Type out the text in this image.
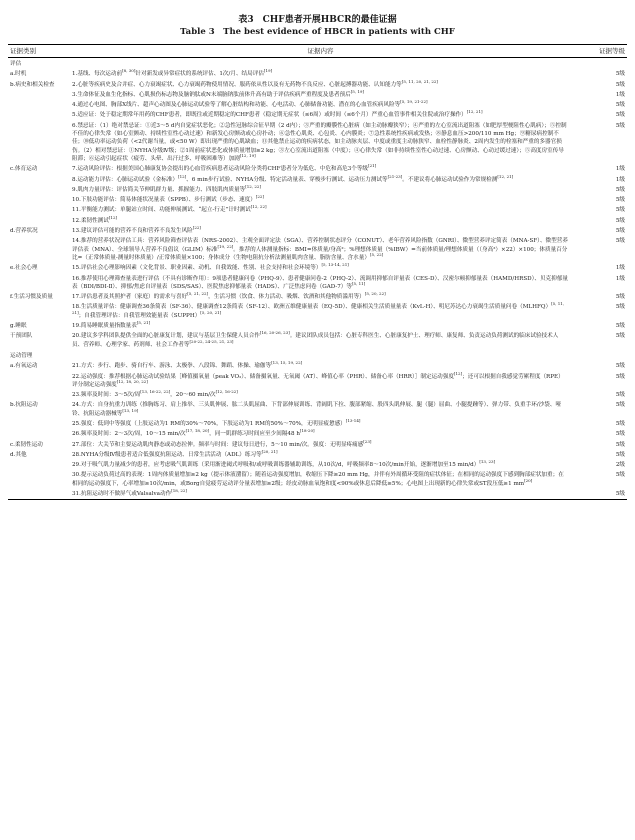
表3　CHF患者开展HBCR的最佳证据
Table 3　The best evidence of HBCR in patients with CHF
证据类别	证据内容	证据等级
评估		
a.时机	1.基线、每次运动前[8, 30]针对新发或异常症状的系统评估、1次/月、结局评估[19]	5级
b.病史和相关检查	2.心脏等疾病史及合并症、心力衰竭症状、心力衰竭药物使用情况、服药依从性以及有无药物不良反应、心脏起搏器功能、认知能力等[5, 11, 20, 21, 22]	5级
	3.生命体征及血生化指标、心肌损伤标志物及脑钠肽或N末端脑钠肽前体升高有助于评估疾病严重程度及患者预后[5, 19]	1级
	4.通过心电图、胸部X线片、超声心动图及心肺运动试验等了解心脏结构和功能、心电活动、心肺储备功能、潜在的心血管疾病风险等[5, 19, 21-22]	5级
	5.适应证：处于稳定期常年用药的CHF患者，即既往或近期稳定的CHF患者（稳定期无症状（≤6周）或时间（≤6个月）严重心血管事件相关住院或治疗操作）[12, 21]	5级
	6.禁忌证：（1）绝对禁忌证：①近3～5 d内自觉症状恶化；②急性冠脉综合征早期（2 d内）；③严重的瓣膜性心脏病（如主动脉瓣狭窄）；④严重的左心室流出道阻塞（如肥厚型梗阻性心肌病）；⑤控制不佳的心律失常（如心室颤动、持续性室性心动过速）和新发心房颤动或心房扑动；⑥急性心肌炎、心包炎、心内膜炎；⑦急性系统性疾病或发热；⑧静息血压>200/110 mm Hg；⑨糖尿病控制不佳；⑩低功率运动负荷（<2代谢当量，或<50 W）即出现严重的心肌缺血；⑪其他禁止运动的疾病状态，如主动脉夹层、中度或重度主动脉狭窄、血栓性静脉炎、2周内发生的栓塞和严重的多器官损伤。（2）相对禁忌证：①NYHA分级Ⅳ级；②1周前症状恶化或体质量增加≥2 kg；③左心室流出道阻塞（中度）；④心律失常（如非持续性室性心动过速、心房颤动、心动过缓过速）；⑤高度房室传导阻滞；⑥运动引起症状（疲劳、头晕、出汗过多、呼吸困难等）加剧[12, 19]	5级
c.体育运动	7.运动风险评估：根据美国心肺康复协会提出的心血管疾病患者运动风险分类将CHF患者分为低危、中危和高危3个等级[21]	1级
	8.运动能力评估：心肺运动试验（金标准）[12]、6 min步行试验、NYHA分级、特定活动量表、穿梭步行测试、运动压力测试等[21-23]。不建议将心肺运动试验作为常规检测[12, 21]	1级
	9.肌肉力量评估：评估简关节伸肌群力量、抓握能力、四肢肌肉质量等[12, 22]	5级
	10.下肢功能评估：简易体能状况量表（SPPB）、步行测试（步态、速度）[22]	5级
	11.平衡能力测试：单腿站立时间、功能伸展测试、“起立-行走”计时测试[12, 22]	5级
	12.柔韧性测试[12]	5级
d.营养状况	13.建议评估可能的营养不良和营养不良发生风险[22]	5级
	14.推荐的营养状况评估工具：营养风险筛查评估表（NRS-2002）、主观全面评定法（SGA）、营养控制状态评分（CONUT）、老年营养风险指数（GNRI）、微型营养评定简表（MNA-SF）、微型营养评估表（MNA）、全球领导人营养不良倡议（GLIM）标准[19, 22]。推荐的人体测量指标：BMI=体质量/身高²；%理想体质量（%IBW）=当前体质量/理想体质量（（身高²）×22）×100；体质量百分比=（正常体质量-测量时体质量）/正常体质量×100；身体成分（生物电阻抗分析法测量肌肉含量、脂肪含量、含水量）[5, 22]	5级
e.社会心理	15.评估社会心理影响因素（文化背景、职业因素、动机、自我效能、性别、社会支持和社会环境等）[5, 13-14, 21]	1级
	16.推荐使用心理筛查量表进行评估（不具有诊断作用）：9项患者健康问卷（PHQ-9）、患者健康问卷-2（PHQ-2）、流调用抑郁自评量表（CES-D）、汉密尔顿抑郁量表（HAMD/HRSD）、贝克抑郁量表（BDI/BDI-Ⅱ）、抑郁/焦虑自评量表（SDS/SAS）、医院焦虑抑郁量表（HADS）、广泛焦虑问卷（GAD-7）等[5, 11]	1级
f.生活习惯及质量	17.评估患者及其照护者（家庭）的需求与喜好[5, 21, 22]，生活习惯（饮食、体力活动、吸烟、饮酒和其他物质滥用等）[5, 20, 22]	5级
	18.生活质量评估：健康调查36条简表（SF-36）、健康调查12条简表（SF-12）、欧洲五维健康量表（EQ-5D）、健康相关生活质量量表（KvL-H）、明尼苏达心力衰竭生活质量问卷（MLHFQ）[5, 11, 21]；自我管理评估：自我管理效能量表（SUPPH）[5, 20, 21]	5级
g.睡眠	19.简易睡眠质量指数量表[5, 21]	5级
干预团队	20.建议多学科团队提供全面的心脏康复计划，建议与基层卫生保健人员合作[16, 20-26, 23]。建议团队成员包括：心脏专科医生、心脏康复护士、理疗师、康复师、负责运动负荷测试的临床试验技术人员、营养师、心理学家、药剂师、社会工作者等[20-22, 24-25, 21, 23]	5级
运动管理		
a.有氧运动	21.方式：步行、跑步、骑自行车、游泳、太极拳、八段锦、舞蹈、体操、瑜伽等[13, 15, 19, 22]	5级
	22.运动强度：推荐根据心肺运动试验结果［峰值摄氧量（peak VO₂）、储备摄氧量、无氧阈（AT）、峰值心率（PHR）、储备心率（HRR）］制定运动强度[12]；还可以根据自我感觉劳累程度（RPE）评分制定运动强度[12, 18, 20, 22]	5级
	23.频率及时间：3～5次/周[13, 16-22, 22]，20～60 min/次[12, 16-22]	5级
b.抗阻运动	24.方式：自身抗重力训练（推胸练习、肩上推举、三头肌伸展、肱二头肌屈曲、下背部伸展训练、背阔肌下拉、腹部紧缩、股四头肌伸展、腿（腿）屈曲、小腿提踵等）、弹力带、负重手环/沙袋、哑铃、抗阻运动器械等[13, 19]	5级
	25.强度：低到中等强度（上肢运动为1 RM的30%～70%，下肢运动为1 RM的50%～70%，无明显疲惫感）[13-14]	5级
	26.频率及时间：2～3次/周，10～15 min/次[17, 18, 20]，同一肌群练习时间应至少间隔48 h[18-20]	5级
c.柔韧性运动	27.部位：大关节和主要运动肌肉静态或动态拉伸。频率与时间：建议每日进行，5～10 min/次。强度：无明显疼痛感[23]	5级
d.其他	28.NYHA分级Ⅳ级患者适合低强度抗阻运动、日常生活活动（ADL）练习等[20, 21]	5级
	29.对于吸气肌力量减少的患者，应考虑吸气肌训练（采用渐进阈式呼吸和/或呼吸训练器辅助训练，从10次/d，呼吸频率8～10次/min开始，逐渐增加至15 min/d）[13, 23]	2级
	30.提示运动负荷过高的表现：1周内体质量增加≥2 kg（提示体液潴留）；随着运动强度增加，收缩压下降≥20 mm Hg，并伴有外周循环受阻的症状体征；在相同的运动强度下感到胸部症状加重；在相同的运动强度下，心率增加≥10次/min，或Borg自觉疲劳运动评分量表增加≥2级；经皮动脉血氧饱和度<90%或休息后降低≥5%；心电图上出现新的心律失常或ST段压低≥1 mm[20]	5级
	31.抗阻运动时不做屏气或Valsalva动作[18, 22]	5级
